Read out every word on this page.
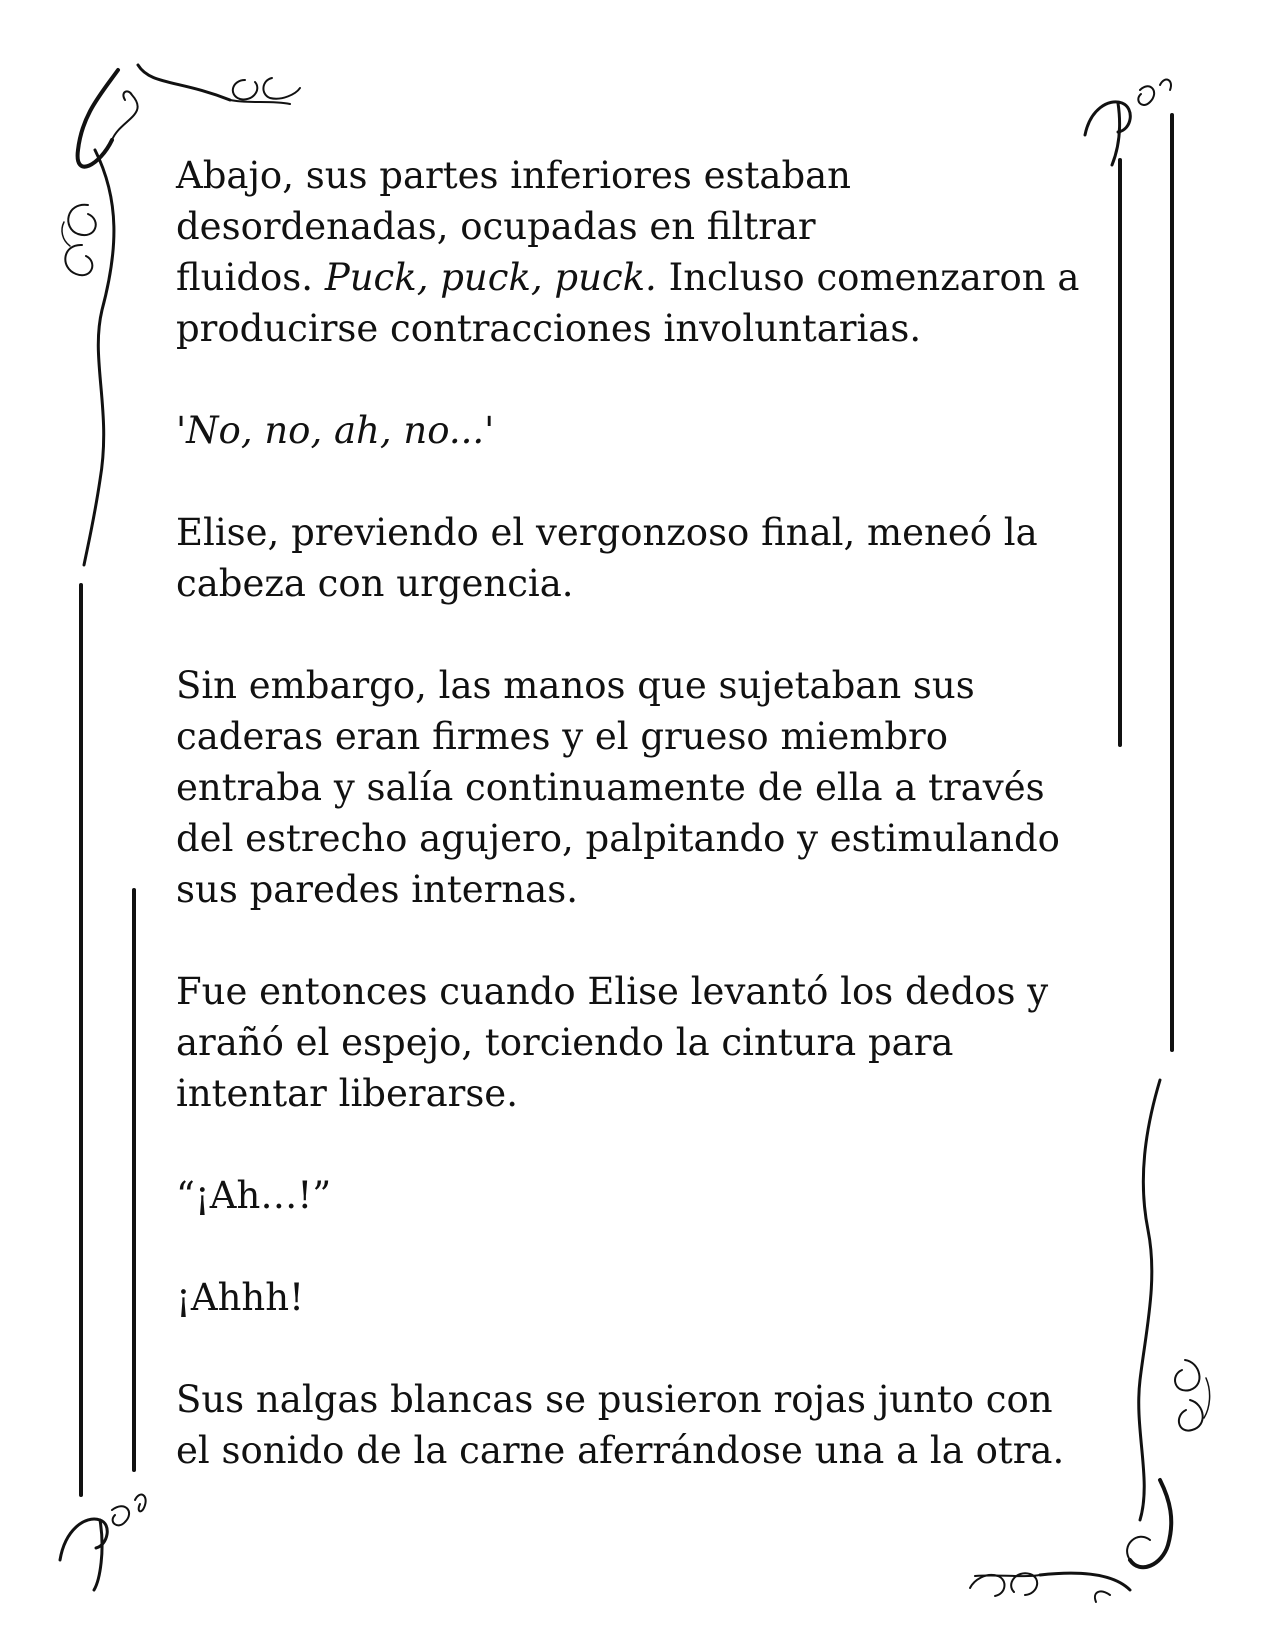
Abajo, sus partes inferiores estaban
desordenadas, ocupadas en filtrar
fluidos. Puck, puck, puck. Incluso comenzaron a
producirse contracciones involuntarias.

'No, no, ah, no...'

Elise, previendo el vergonzoso final, meneó la
cabeza con urgencia.

Sin embargo, las manos que sujetaban sus
caderas eran firmes y el grueso miembro
entraba y salía continuamente de ella a través
del estrecho agujero, palpitando y estimulando
sus paredes internas.

Fue entonces cuando Elise levantó los dedos y
arañó el espejo, torciendo la cintura para
intentar liberarse.

“¡Ah…!”

¡Ahhh!

Sus nalgas blancas se pusieron rojas junto con
el sonido de la carne aferrándose una a la otra.
